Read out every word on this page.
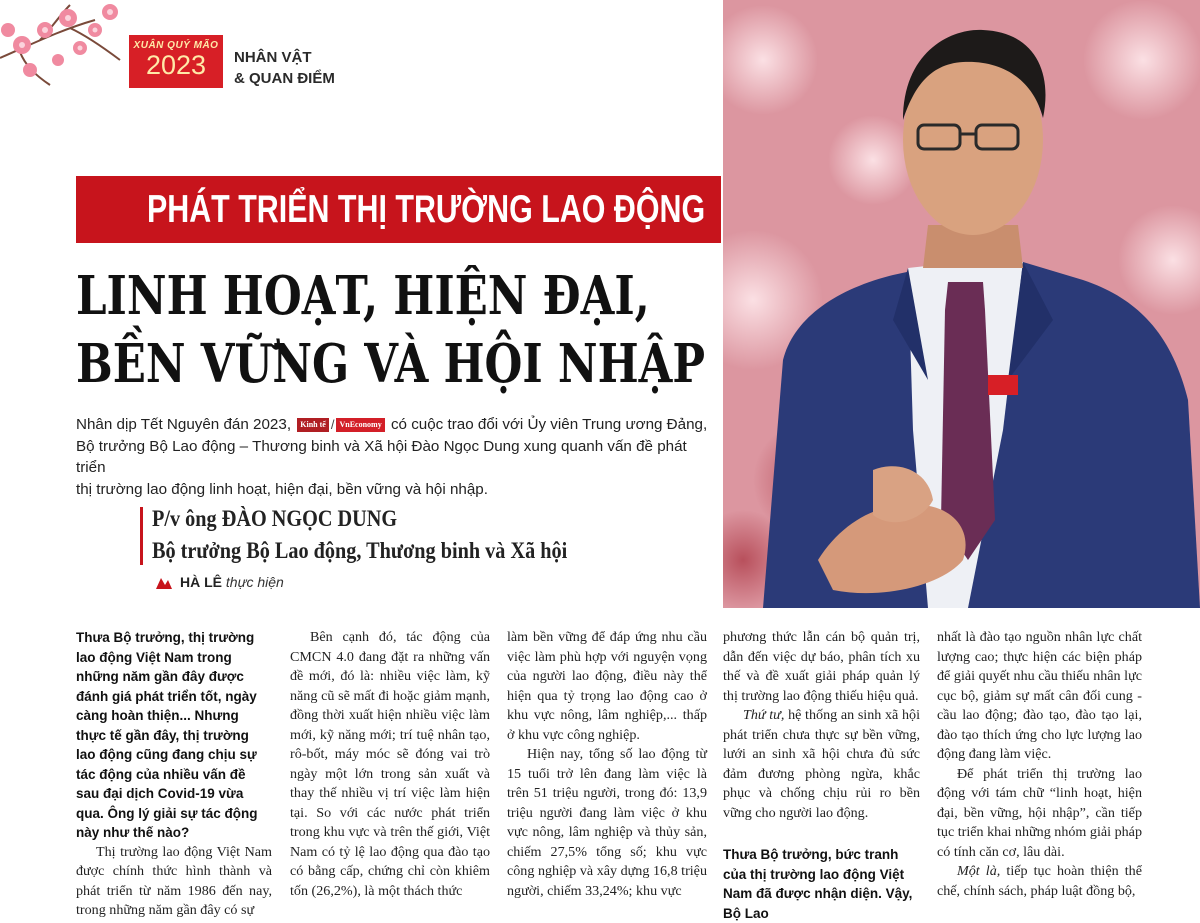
XUÂN QUÝ MÃO
2023	NHÂN VẬT
& QUAN ĐIỂM
PHÁT TRIỂN THỊ TRƯỜNG LAO ĐỘNG
LINH HOẠT, HIỆN ĐẠI,
BỀN VỮNG VÀ HỘI NHẬP
Nhân dịp Tết Nguyên đán 2023, Kinh tế / VnEconomy có cuộc trao đổi với Ủy viên Trung ương Đảng,
Bộ trưởng Bộ Lao động – Thương binh và Xã hội Đào Ngọc Dung xung quanh vấn đề phát triển
thị trường lao động linh hoạt, hiện đại, bền vững và hội nhập.
P/v ông ĐÀO NGỌC DUNG
Bộ trưởng Bộ Lao động, Thương binh và Xã hội
HÀ LÊ thực hiện

Thưa Bộ trưởng, thị trường lao động Việt Nam trong những năm gần đây được đánh giá phát triển tốt, ngày càng hoàn thiện... Nhưng thực tế gần đây, thị trường lao động cũng đang chịu sự tác động của nhiều vấn đề sau đại dịch Covid-19 vừa qua. Ông lý giải sự tác động này như thế nào?

Thị trường lao động Việt Nam được chính thức hình thành và phát triển từ năm 1986 đến nay, trong những năm gần đây có sự

Bên cạnh đó, tác động của CMCN 4.0 đang đặt ra những vấn đề mới, đó là: nhiều việc làm, kỹ năng cũ sẽ mất đi hoặc giảm mạnh, đồng thời xuất hiện nhiều việc làm mới, kỹ năng mới; trí tuệ nhân tạo, rô-bốt, máy móc sẽ đóng vai trò ngày một lớn trong sản xuất và thay thế nhiều vị trí việc làm hiện tại. So với các nước phát triển trong khu vực và trên thế giới, Việt Nam có tỷ lệ lao động qua đào tạo có bằng cấp, chứng chỉ còn khiêm tốn (26,2%), là một thách thức

làm bền vững để đáp ứng nhu cầu việc làm phù hợp với nguyện vọng của người lao động, điều này thể hiện qua tỷ trọng lao động cao ở khu vực nông, lâm nghiệp,... thấp ở khu vực công nghiệp.

Hiện nay, tổng số lao động từ 15 tuổi trở lên đang làm việc là trên 51 triệu người, trong đó: 13,9 triệu người đang làm việc ở khu vực nông, lâm nghiệp và thủy sản, chiếm 27,5% tổng số; khu vực công nghiệp và xây dựng 16,8 triệu người, chiếm 33,24%; khu vực

phương thức lẫn cán bộ quản trị, dẫn đến việc dự báo, phân tích xu thế và đề xuất giải pháp quản lý thị trường lao động thiếu hiệu quả.

Thứ tư, hệ thống an sinh xã hội phát triển chưa thực sự bền vững, lưới an sinh xã hội chưa đủ sức đảm đương phòng ngừa, khắc phục và chống chịu rủi ro bền vững cho người lao động.

Thưa Bộ trưởng, bức tranh của thị trường lao động Việt Nam đã được nhận diện. Vậy, Bộ Lao

nhất là đào tạo nguồn nhân lực chất lượng cao; thực hiện các biện pháp để giải quyết nhu cầu thiếu nhân lực cục bộ, giảm sự mất cân đối cung - cầu lao động; đào tạo, đào tạo lại, đào tạo thích ứng cho lực lượng lao động đang làm việc.

Để phát triển thị trường lao động với tám chữ “linh hoạt, hiện đại, bền vững, hội nhập”, cần tiếp tục triển khai những nhóm giải pháp có tính căn cơ, lâu dài.

Một là, tiếp tục hoàn thiện thể chế, chính sách, pháp luật đồng bộ,
